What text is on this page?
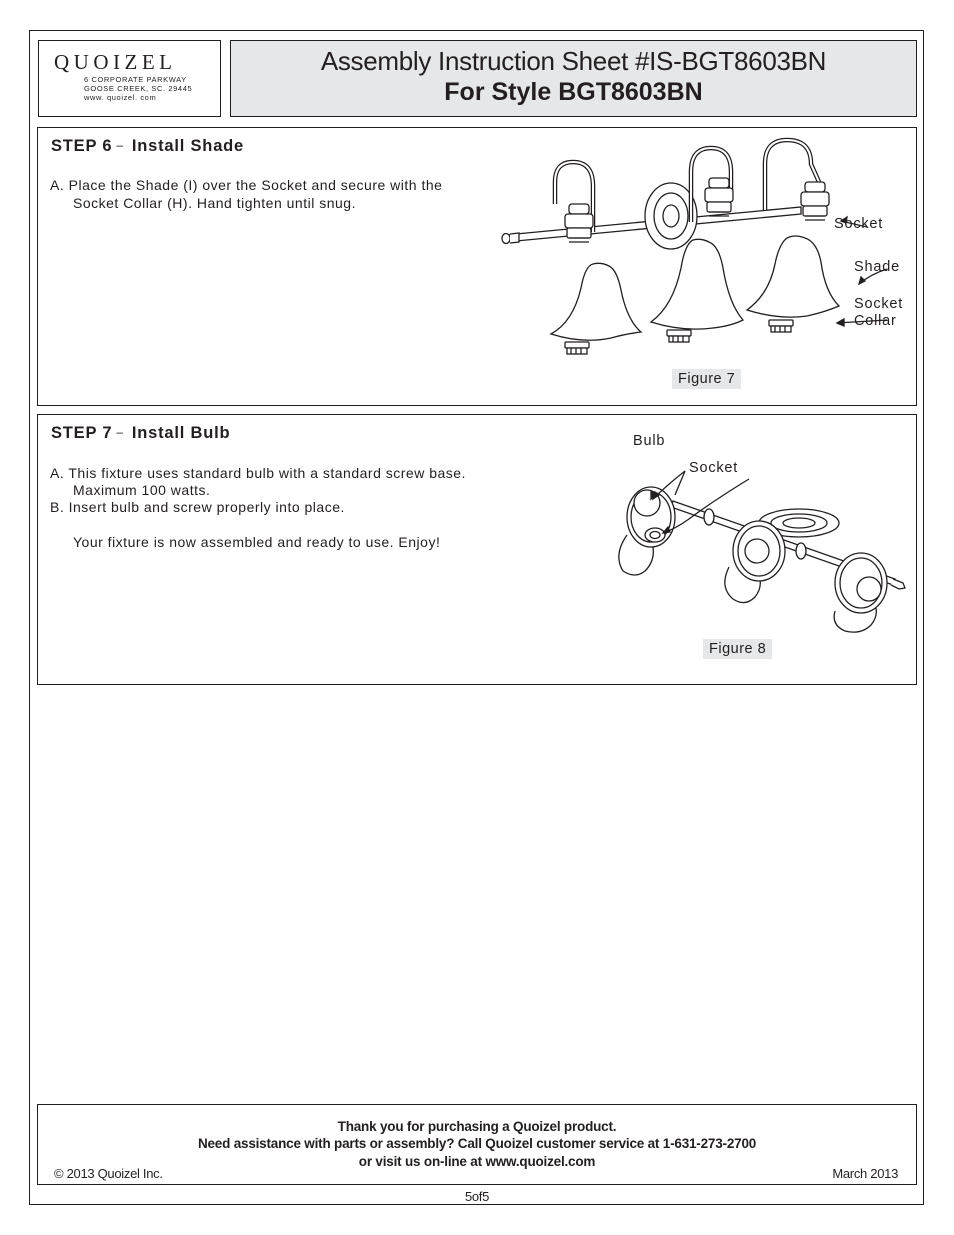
QUOIZEL
6 CORPORATE PARKWAY
GOOSE CREEK, SC. 29445
www. quoizel. com
Assembly Instruction Sheet #IS-BGT8603BN
For Style BGT8603BN
STEP 6 – Install Shade
A. Place the Shade (I) over the Socket and secure with the
Socket Collar (H). Hand tighten until snug.
Socket
Shade
Socket
Collar
Figure 7
STEP 7 – Install Bulb
A. This fixture uses standard bulb with a standard screw base.
Maximum 100 watts.
B. Insert bulb and screw properly into place.
Your fixture is now assembled and ready to use. Enjoy!
Bulb
Socket
Figure 8
Thank you for purchasing a Quoizel product.
Need assistance with parts or assembly? Call Quoizel customer service at 1-631-273-2700
or visit us on-line at www.quoizel.com
© 2013 Quoizel Inc.	March 2013
5of5
